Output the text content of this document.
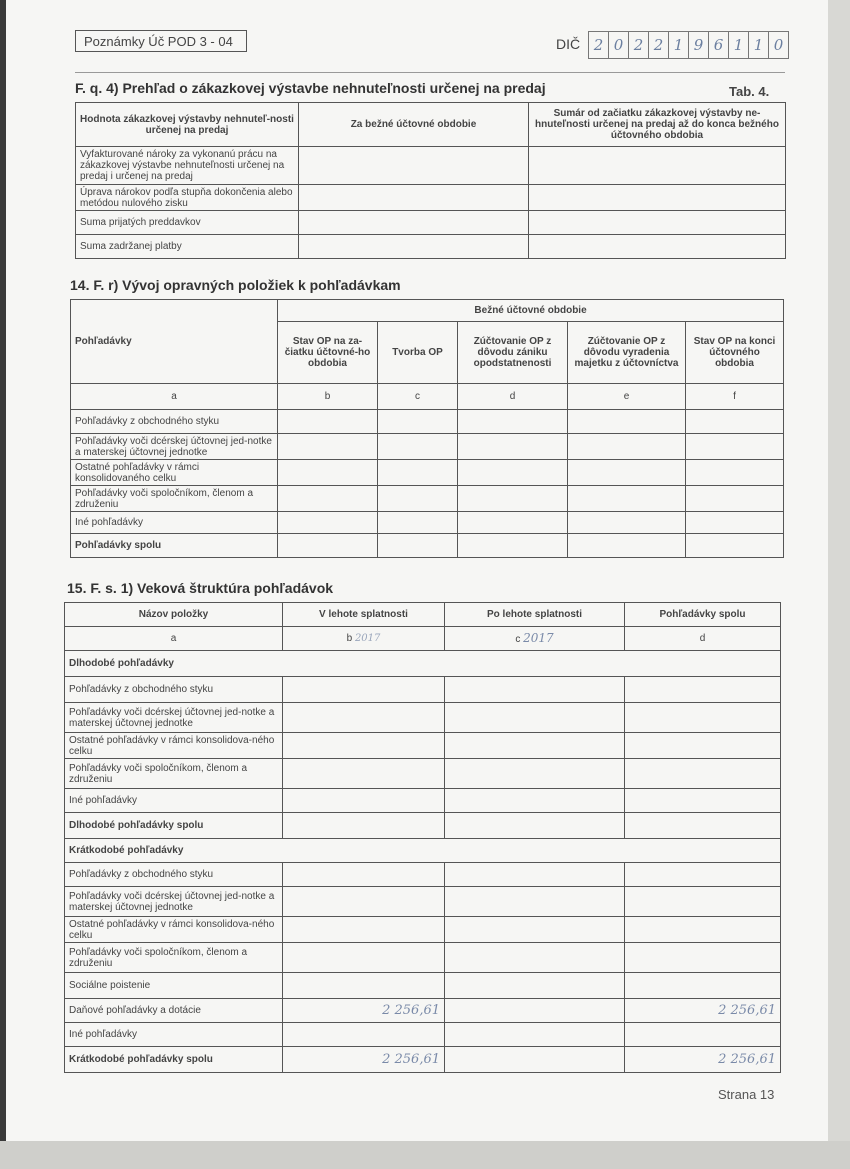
Poznámky Úč POD 3 - 04	DIČ 2 0 2 2 1 9 6 1 1 0
F. q. 4) Prehľad o zákazkovej výstavbe nehnuteľnosti určenej na predaj	Tab. 4.
Hodnota zákazkovej výstavby nehnuteľ-nosti určenej na predaj	Za bežné účtovné obdobie	Sumár od začiatku zákazkovej výstavby ne-hnuteľnosti určenej na predaj až do konca bežného účtovného obdobia
Vyfakturované nároky za vykonanú prácu na zákazkovej výstavbe nehnuteľnosti určenej na predaj i určenej na predaj		
Úprava nárokov podľa stupňa dokončenia alebo metódou nulového zisku		
Suma prijatých preddavkov		
Suma zadržanej platby		
14. F. r) Vývoj opravných položiek k pohľadávkam
Pohľadávky	Bežné účtovné obdobie				
	Stav OP na za-čiatku účtovné-ho obdobia	Tvorba OP	Zúčtovanie OP z dôvodu zániku opodstatnenosti	Zúčtovanie OP z dôvodu vyradenia majetku z účtovníctva	Stav OP na konci účtovného obdobia
a	b	c	d	e	f
Pohľadávky z obchodného styku					
Pohľadávky voči dcérskej účtovnej jed-notke a materskej účtovnej jednotke					
Ostatné pohľadávky v rámci konsolidovaného celku					
Pohľadávky voči spoločníkom, členom a združeniu					
Iné pohľadávky					
Pohľadávky spolu					
15. F. s. 1) Veková štruktúra pohľadávok
Názov položky	V lehote splatnosti	Po lehote splatnosti	Pohľadávky spolu
a	b 2017	c 2017	d
Dlhodobé pohľadávky			
Pohľadávky z obchodného styku			
Pohľadávky voči dcérskej účtovnej jed-notke a materskej účtovnej jednotke			
Ostatné pohľadávky v rámci konsolidova-ného celku			
Pohľadávky voči spoločníkom, členom a združeniu			
Iné pohľadávky			
Dlhodobé pohľadávky spolu			
Krátkodobé pohľadávky			
Pohľadávky z obchodného styku			
Pohľadávky voči dcérskej účtovnej jed-notke a materskej účtovnej jednotke			
Ostatné pohľadávky v rámci konsolidova-ného celku			
Pohľadávky voči spoločníkom, členom a združeniu			
Sociálne poistenie			
Daňové pohľadávky a dotácie	2 256,61		2 256,61
Iné pohľadávky			
Krátkodobé pohľadávky spolu	2 256,61		2 256,61
Strana 13
